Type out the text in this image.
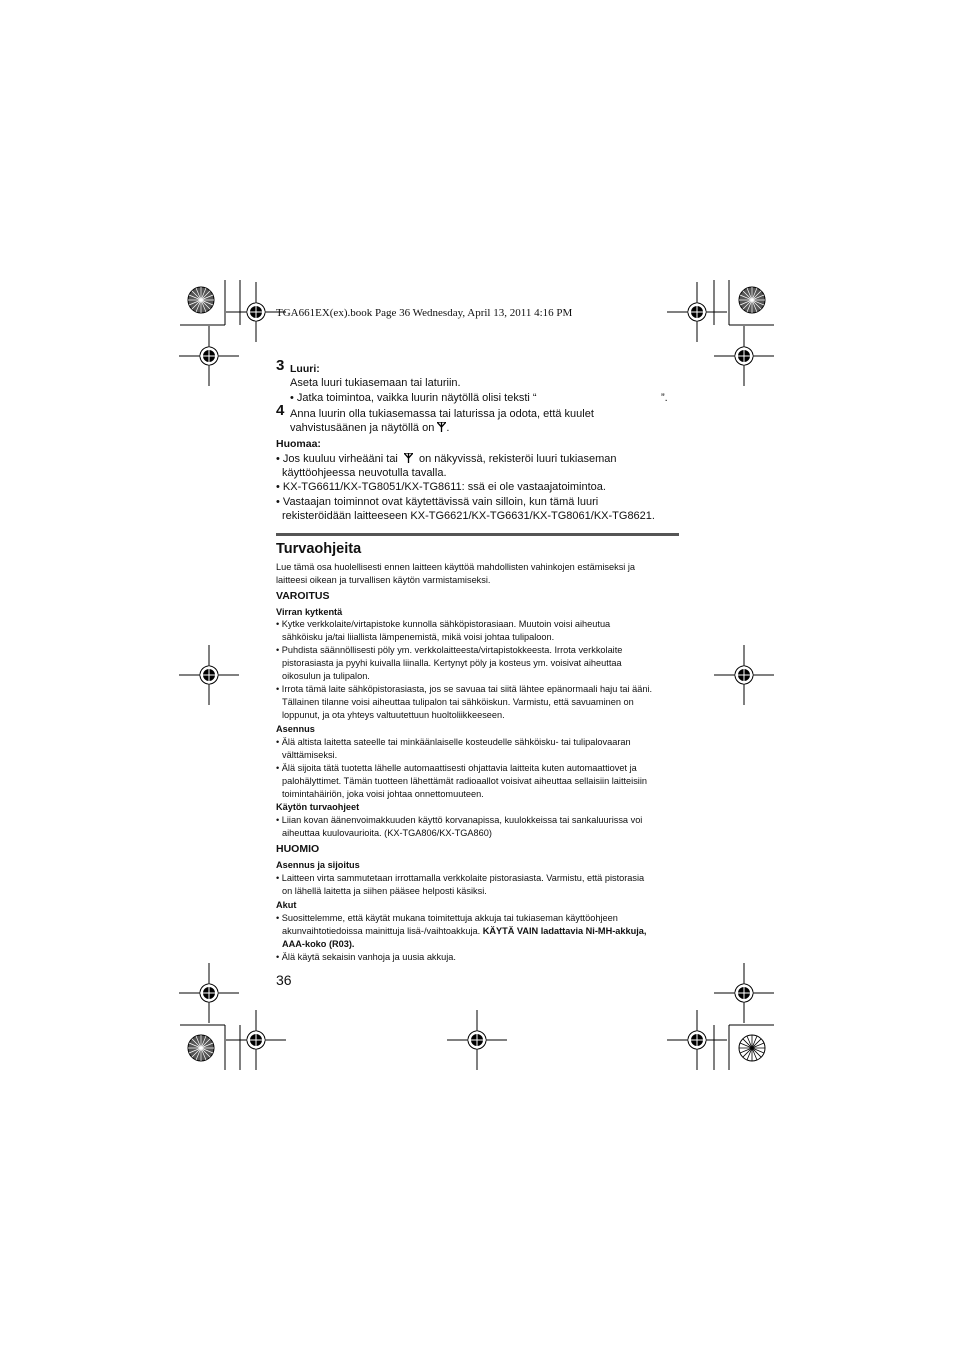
TGA661EX(ex).book Page 36 Wednesday, April 13, 2011 4:16 PM
3 Luuri:
Aseta luuri tukiasemaan tai laturiin.
• Jatka toimintoa, vaikka luurin näytöllä olisi teksti “	”.
4 Anna luurin olla tukiasemassa tai laturissa ja odota, että kuulet
vahvistusäänen ja näytöllä on .
Huomaa:
• Jos kuuluu virheääni tai on näkyvissä, rekisteröi luuri tukiaseman
käyttöohjeessa neuvotulla tavalla.
• KX-TG6611/KX-TG8051/KX-TG8611: ssä ei ole vastaajatoimintoa.
• Vastaajan toiminnot ovat käytettävissä vain silloin, kun tämä luuri
rekisteröidään laitteeseen KX-TG6621/KX-TG6631/KX-TG8061/KX-TG8621.
Turvaohjeita
Lue tämä osa huolellisesti ennen laitteen käyttöä mahdollisten vahinkojen estämiseksi ja
laitteesi oikean ja turvallisen käytön varmistamiseksi.
VAROITUS
Virran kytkentä
• Kytke verkkolaite/virtapistoke kunnolla sähköpistorasiaan. Muutoin voisi aiheutua
sähköisku ja/tai liiallista lämpenemistä, mikä voisi johtaa tulipaloon.
• Puhdista säännöllisesti pöly ym. verkkolaitteesta/virtapistokkeesta. Irrota verkkolaite
pistorasiasta ja pyyhi kuivalla liinalla. Kertynyt pöly ja kosteus ym. voisivat aiheuttaa
oikosulun ja tulipalon.
• Irrota tämä laite sähköpistorasiasta, jos se savuaa tai siitä lähtee epänormaali haju tai ääni.
Tällainen tilanne voisi aiheuttaa tulipalon tai sähköiskun. Varmistu, että savuaminen on
loppunut, ja ota yhteys valtuutettuun huoltoliikkeeseen.
Asennus
• Älä altista laitetta sateelle tai minkäänlaiselle kosteudelle sähköisku- tai tulipalovaaran
välttämiseksi.
• Älä sijoita tätä tuotetta lähelle automaattisesti ohjattavia laitteita kuten automaattiovet ja
palohälyttimet. Tämän tuotteen lähettämät radioaallot voisivat aiheuttaa sellaisiin laitteisiin
toimintahäiriön, joka voisi johtaa onnettomuuteen.
Käytön turvaohjeet
• Liian kovan äänenvoimakkuuden käyttö korvanapissa, kuulokkeissa tai sankaluurissa voi
aiheuttaa kuulovaurioita. (KX-TGA806/KX-TGA860)
HUOMIO
Asennus ja sijoitus
• Laitteen virta sammutetaan irrottamalla verkkolaite pistorasiasta. Varmistu, että pistorasia
on lähellä laitetta ja siihen pääsee helposti käsiksi.
Akut
• Suosittelemme, että käytät mukana toimitettuja akkuja tai tukiaseman käyttöohjeen
akunvaihtotiedoissa mainittuja lisä-/vaihtoakkuja. KÄYTÄ VAIN ladattavia Ni-MH-akkuja,
AAA-koko (R03).
• Älä käytä sekaisin vanhoja ja uusia akkuja.
36
